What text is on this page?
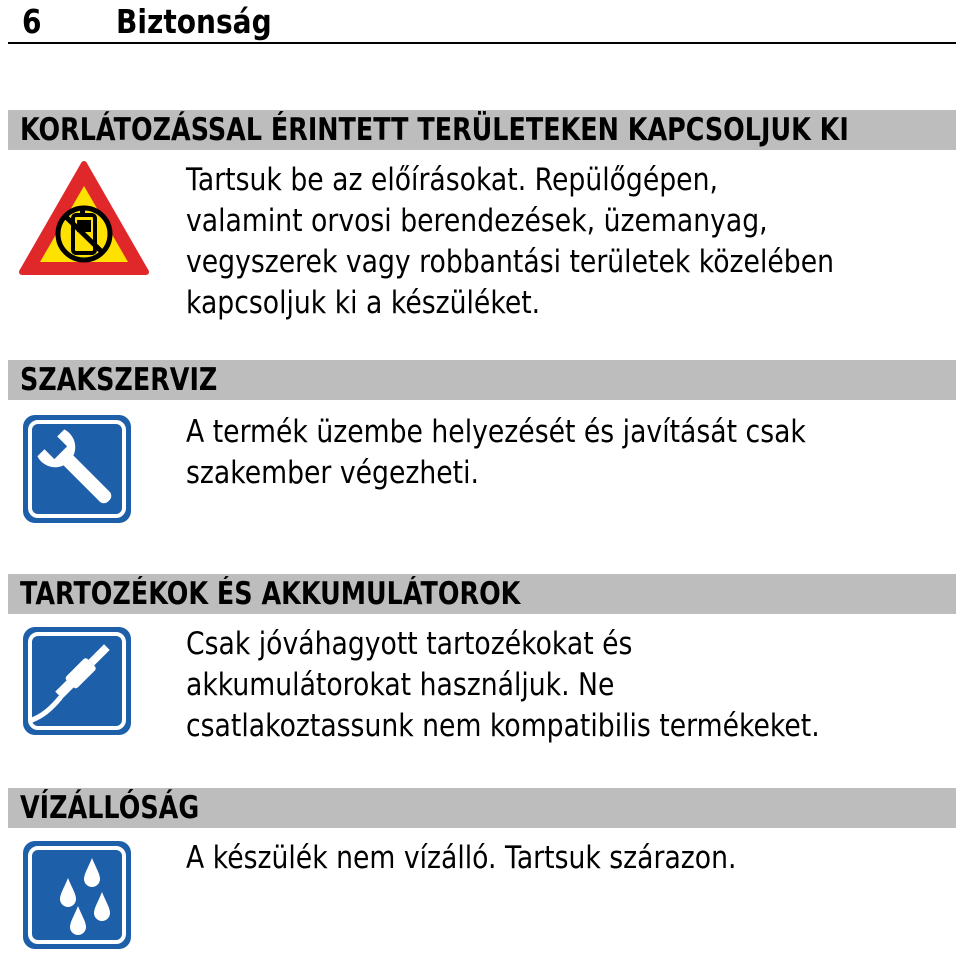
6 Biztonság
KORLÁTOZÁSSAL ÉRINTETT TERÜLETEKEN KAPCSOLJUK KI
Tartsuk be az előírásokat. Repülőgépen,
valamint orvosi berendezések, üzemanyag,
vegyszerek vagy robbantási területek közelében
kapcsoljuk ki a készüléket.
SZAKSZERVIZ
A termék üzembe helyezését és javítását csak
szakember végezheti.
TARTOZÉKOK ÉS AKKUMULÁTOROK
Csak jóváhagyott tartozékokat és
akkumulátorokat használjuk. Ne
csatlakoztassunk nem kompatibilis termékeket.
VÍZÁLLÓSÁG
A készülék nem vízálló. Tartsuk szárazon.
